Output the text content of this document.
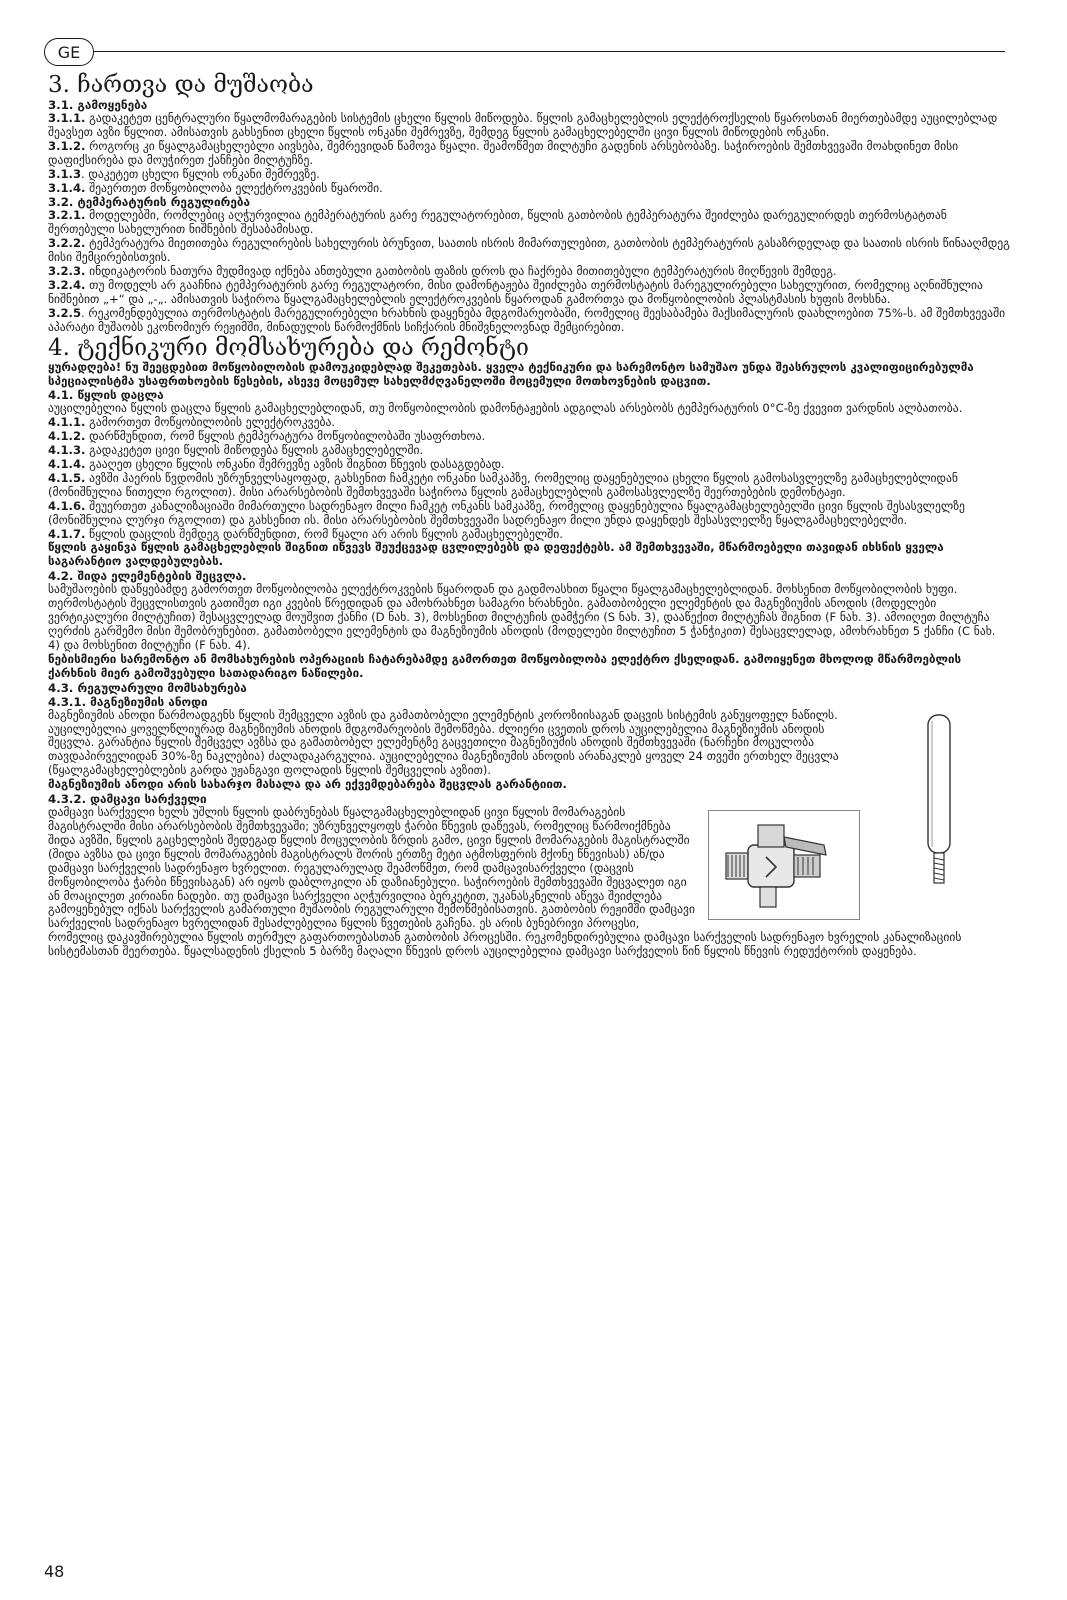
GE
3. ჩართვა და მუშაობა
3.1. გამოყენება

3.1.1. გადაკეტეთ ცენტრალური წყალმომარაგების სისტემის ცხელი წყლის მიწოდება. წყლის გამაცხელებლის ელექტროქსელის წყაროსთან მიერთებამდე აუცილებლად შეავსეთ ავზი წყლით. ამისათვის გახსენით ცხელი წყლის ონკანი შემრევზე, შემდეგ წყლის გამაცხელებელში ცივი წყლის მიწოდების ონკანი.

3.1.2. როგორც კი წყალგამაცხელებლი აივსება, შემრევიდან წამოვა წყალი. შეამოწმეთ მილტუჩი გადენის არსებობაზე. საჭიროების შემთხვევაში მოახდინეთ მისი დაფიქსირება და მოუჭირეთ ქანჩები მილტუჩზე.

3.1.3. დაკეტეთ ცხელი წყლის ონკანი შემრევზე.

3.1.4. შეაერთეთ მოწყობილობა ელექტროკვების წყაროში.

3.2. ტემპერატურის რეგულირება

3.2.1. მოდელებში, რომლებიც აღჭურვილია ტემპერატურის გარე რეგულატორებით, წყლის გათბობის ტემპერატურა შეიძლება დარეგულირდეს თერმოსტატთან შერთებული სახელურით ნიშნების შესაბამისად.

3.2.2. ტემპერატურა მიეთითება რეგულირების სახელურის ბრუნვით, საათის ისრის მიმართულებით, გათბობის ტემპერატურის გასაზრდელად და საათის ისრის წინააღმდეგ მისი შემცირებისთვის.

3.2.3. ინდიკატორის ნათურა მუდმივად იქნება ანთებული გათბობის ფაზის დროს და ჩაქრება მითითებული ტემპერატურის მიღწევის შემდეგ.

3.2.4. თუ მოდელს არ გააჩნია ტემპერატურის გარე რეგულატორი, მისი დამონტაჟება შეიძლება თერმოსტატის მარეგულირებელი სახელურით, რომელიც აღნიშნულია ნიშნებით „+“ და „-„. ამისათვის საჭიროა წყალგამაცხელებლის ელექტროკვების წყაროდან გამორთვა და მოწყობილობის პლასტმასის ხუფის მოხსნა.

3.2.5. რეკომენდებულია თერმოსტატის მარეგულირებელი ხრახნის დაყენება მდგომარეობაში, რომელიც შეესაბამება მაქსიმალურის დაახლოებით 75%-ს. ამ შემთხვევაში აპარატი მუშაობს ეკონომიურ რეჟიმში, მინადულის წარმოქმნის სიჩქარის მნიშვნელოვნად შემცირებით.

4. ტექნიკური მომსახურება და რემონტი

ყურადღება! ნუ შეეცდებით მოწყობილობის დამოუკიდებლად შეკეთებას. ყველა ტექნიკური და სარემონტო სამუშაო უნდა შეასრულოს კვალიფიცირებულმა სპეციალისტმა უსაფრთხოების წესების, ასევე მოცემულ სახელმძღვანელოში მოცემული მოთხოვნების დაცვით.

4.1. წყლის დაცლა

აუცილებელია წყლის დაცლა წყლის გამაცხელებლიდან, თუ მოწყობილობის დამონტაჟების ადგილას არსებობს ტემპერატურის 0°С-ზე ქვევით ვარდნის ალბათობა.

4.1.1. გამორთეთ მოწყობილობის ელექტროკვება.

4.1.2. დარწმუნდით, რომ წყლის ტემპერატურა მოწყობილობაში უსაფრთხოა.

4.1.3. გადაკეტეთ ცივი წყლის მიწოდება წყლის გამაცხელებელში.

4.1.4. გააღეთ ცხელი წყლის ონკანი შემრევზე ავზის შიგნით წნევის დასაგდებად.

4.1.5. ავზში ჰაერის წვდომის უზრუნველსაყოფად, გახსენით ჩამკეტი ონკანი სამკაპზე, რომელიც დაყენებულია ცხელი წყლის გამოსასვლელზე გამაცხელებლიდან (მონიშნულია წითელი რგოლით). მისი არარსებობის შემთხვევაში საჭიროა წყლის გამაცხელებლის გამოსასვლელზე შეერთებების დემონტაჟი.

4.1.6. შეუერთეთ კანალიზაციაში მიმართული სადრენაჟო მილი ჩამკეტ ონკანს სამკაპზე, რომელიც დაყენებულია წყალგამაცხელებელში ცივი წყლის შესასვლელზე (მონიშნულია ლურჯი რგოლით) და გახსენით ის. მისი არარსებობის შემთხვევაში სადრენაჟო მილი უნდა დაყენდეს შესასვლელზე წყალგამაცხელებელში.

4.1.7. წყლის დაცლის შემდეგ დარწმუნდით, რომ წყალი არ არის წყლის გამაცხელებელში.

წყლის გაყინვა წყლის გამაცხელებლის შიგნით იწვევს შეუქცევად ცვლილებებს და დეფექტებს. ამ შემთხვევაში, მწარმოებელი თავიდან იხსნის ყველა საგარანტიო ვალდებულებას.

4.2. შიდა ელემენტების შეცვლა.

სამუშაოების დაწყებამდე გამორთეთ მოწყობილობა ელექტროკვების წყაროდან და გადმოასხით წყალი წყალგამაცხელებლიდან. მოხსენით მოწყობილობის ხუფი.

თერმოსტატის შეცვლისთვის გათიშეთ იგი კვების წრედიდან და ამოხრახნეთ სამაგრი ხრახნები. გამათბობელი ელემენტის და მაგნეზიუმის ანოდის (მოდელები ვერტიკალური მილტუჩით) შესაცვლელად მოუშვით ქანჩი (D ნახ. 3), მოხსენით მილტუჩის დამჭერი (S ნახ. 3), დააწექით მილტუჩას შიგნით (F ნახ. 3). ამოიღეთ მილტუჩა ღერძის გარშემო მისი შემობრუნებით. გამათბობელი ელემენტის და მაგნეზიუმის ანოდის (მოდელები მილტუჩით 5 ჭანჭიკით) შესაცვლელად, ამოხრახნეთ 5 ქანჩი (С ნახ. 4) და მოხსენით მილტუჩი (F ნახ. 4).

ნებისმიერი სარემონტო ან მომსახურების ოპერაციის ჩატარებამდე გამორთეთ მოწყობილობა ელექტრო ქსელიდან. გამოიყენეთ მხოლოდ მწარმოებლის ქარხნის მიერ გამოშვებული სათადარიგო ნაწილები.

4.3. რეგულარული მომსახურება
4.3.1. მაგნეზიუმის ანოდი

მაგნეზიუმის ანოდი წარმოადგენს წყლის შემცველი ავზის და გამათბობელი ელემენტის კოროზიისაგან დაცვის სისტემის განუყოფელ ნაწილს. აუცილებელია ყოველწლიურად მაგნეზიუმის ანოდის მდგომარეობის შემოწმება. ძლიერი ცვეთის დროს აუცილებელია მაგნეზიუმის ანოდის შეცვლა. გარანტია წყლის შემცველ ავზსა და გამათბობელ ელემენტზე გაცვეთილი მაგნეზიუმის ანოდის შემთხვევაში (ნარჩენი მოცულობა თავდაპირველიდან 30%-ზე ნაკლებია) ძალადაკარგულია. აუცილებელია მაგნეზიუმის ანოდის არანაკლებ ყოველ 24 თვეში ერთხელ შეცვლა (წყალგამაცხელებლების გარდა უჟანგავი ფოლადის წყლის შემცველის ავზით).

მაგნეზიუმის ანოდი არის სახარჯო მასალა და არ ექვემდებარება შეცვლას გარანტიით.

4.3.2. დამცავი სარქველი

დამცავი სარქველი ხელს უშლის წყლის დაბრუნებას წყალგამაცხელებლიდან ცივი წყლის მომარაგების მაგისტრალში მისი არარსებობის შემთხვევაში; უზრუნველყოფს ჭარბი წნევის დაწევას, რომელიც წარმოიქმნება შიდა ავზში, წყლის გაცხელების შედეგად წყლის მოცულობის ზრდის გამო, ცივი წყლის მომარაგების მაგისტრალში (შიდა ავზსა და ცივი წყლის მომარაგების მაგისტრალს შორის ერთზე მეტი ატმოსფერის მქონე წნევისას) ან/და დამცავი სარქველის სადრენაჟო ხვრელით. რეგულარულად შეამოწმეთ, რომ დამცავისარქველი (დაცვის მოწყობილობა ჭარბი წნევისაგან) არ იყოს დაბლოკილი ან დაზიანებული. საჭიროების შემთხვევაში შეცვალეთ იგი ან მოაცილეთ კირიანი ნადები. თუ დამცავი სარქველი აღჭურვილია ბერკეტით, უკანასკნელის აწევა შეიძლება გამოყენებულ იქნას სარქველის გამართული მუშაობის რეგულარული შემოწმებისათვის. გათბობის რეჟიმში დამცავი სარქველის სადრენაჟო ხვრელიდან შესაძლებელია წყლის წვეთების გაჩენა. ეს არის ბუნებრივი პროცესი, რომელიც დაკავშირებულია წყლის თერმულ გაფართოებასთან გათბობის პროცესში. რეკომენდირებულია დამცავი სარქველის სადრენაჟო ხვრელის კანალიზაციის სისტემასთან შეერთება. წყალსადენის ქსელის 5 ბარზე მაღალი წნევის დროს აუცილებელია დამცავი სარქველის წინ წყლის წნევის რედუქტორის დაყენება.

48
